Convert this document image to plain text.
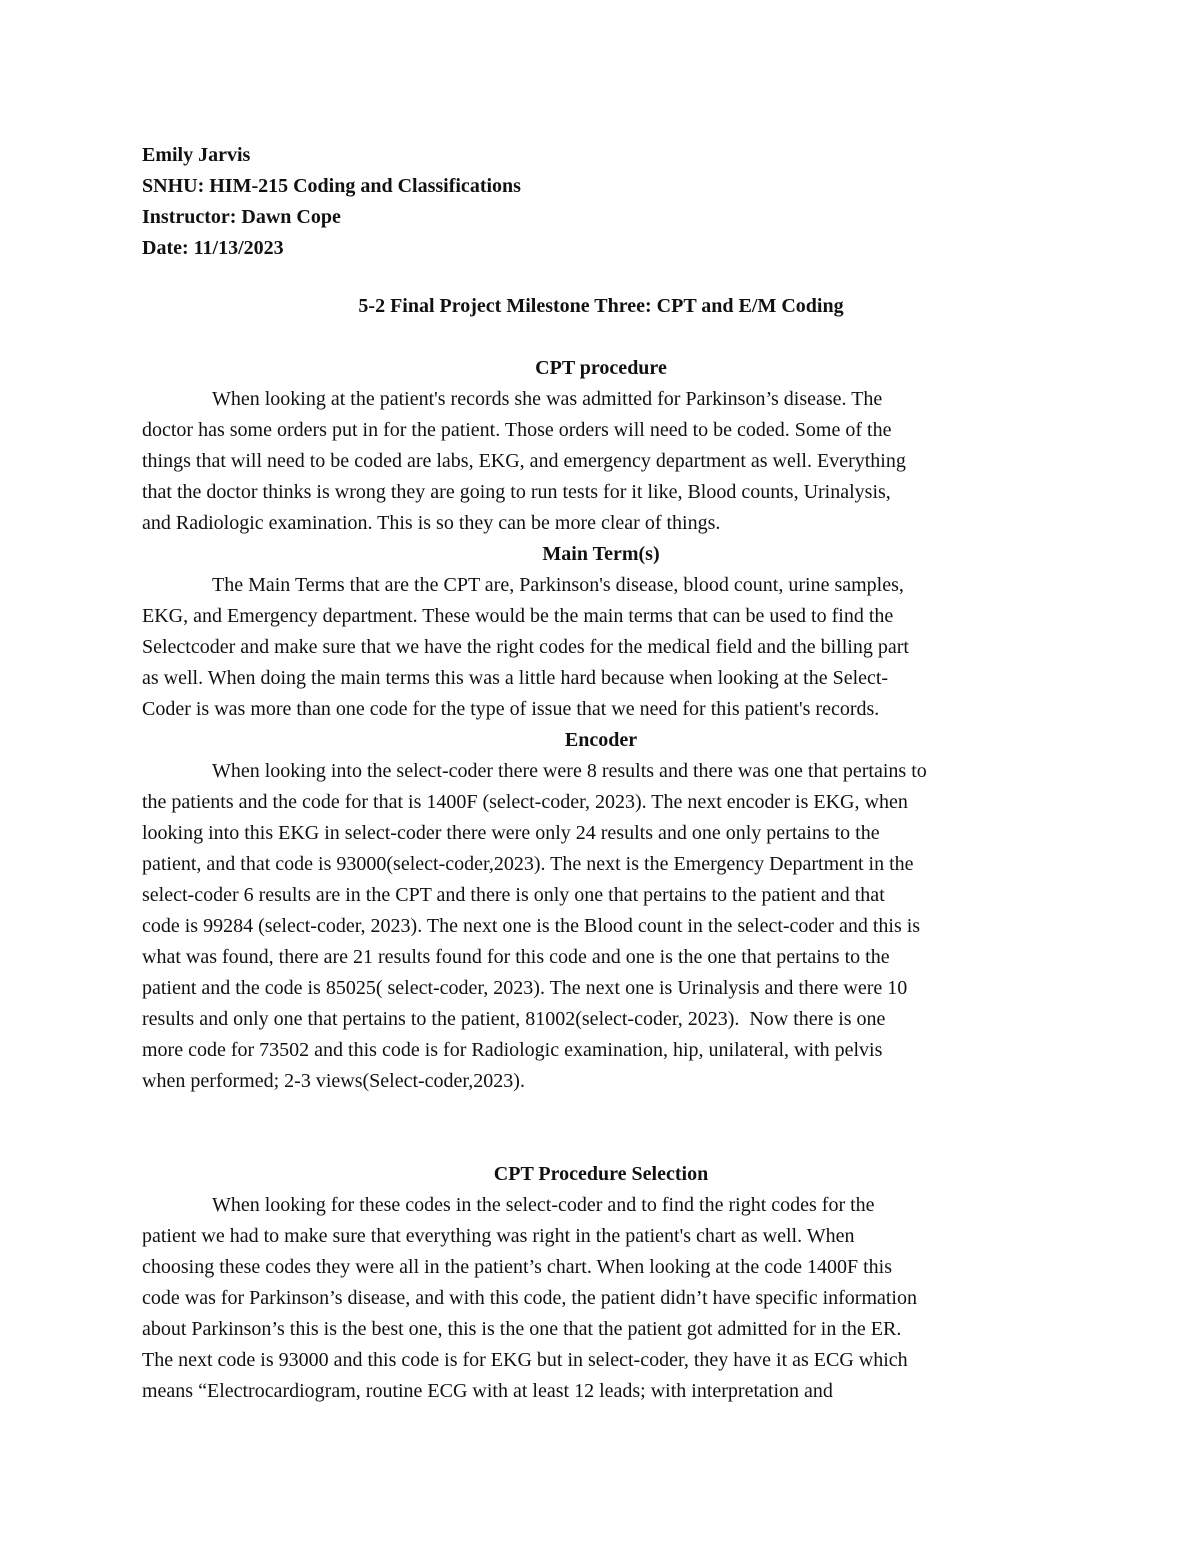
Emily Jarvis
SNHU: HIM-215 Coding and Classifications
Instructor: Dawn Cope
Date: 11/13/2023
5-2 Final Project Milestone Three: CPT and E/M Coding
CPT procedure
When looking at the patient's records she was admitted for Parkinson’s disease. The
doctor has some orders put in for the patient. Those orders will need to be coded. Some of the
things that will need to be coded are labs, EKG, and emergency department as well. Everything
that the doctor thinks is wrong they are going to run tests for it like, Blood counts, Urinalysis,
and Radiologic examination. This is so they can be more clear of things.
Main Term(s)
The Main Terms that are the CPT are, Parkinson's disease, blood count, urine samples,
EKG, and Emergency department. These would be the main terms that can be used to find the
Selectcoder and make sure that we have the right codes for the medical field and the billing part
as well. When doing the main terms this was a little hard because when looking at the Select-
Coder is was more than one code for the type of issue that we need for this patient's records.
Encoder
When looking into the select-coder there were 8 results and there was one that pertains to
the patients and the code for that is 1400F (select-coder, 2023). The next encoder is EKG, when
looking into this EKG in select-coder there were only 24 results and one only pertains to the
patient, and that code is 93000(select-coder,2023). The next is the Emergency Department in the
select-coder 6 results are in the CPT and there is only one that pertains to the patient and that
code is 99284 (select-coder, 2023). The next one is the Blood count in the select-coder and this is
what was found, there are 21 results found for this code and one is the one that pertains to the
patient and the code is 85025( select-coder, 2023). The next one is Urinalysis and there were 10
results and only one that pertains to the patient, 81002(select-coder, 2023).  Now there is one
more code for 73502 and this code is for Radiologic examination, hip, unilateral, with pelvis
when performed; 2-3 views(Select-coder,2023).
CPT Procedure Selection
When looking for these codes in the select-coder and to find the right codes for the
patient we had to make sure that everything was right in the patient's chart as well. When
choosing these codes they were all in the patient’s chart. When looking at the code 1400F this
code was for Parkinson’s disease, and with this code, the patient didn’t have specific information
about Parkinson’s this is the best one, this is the one that the patient got admitted for in the ER.
The next code is 93000 and this code is for EKG but in select-coder, they have it as ECG which
means “Electrocardiogram, routine ECG with at least 12 leads; with interpretation and
